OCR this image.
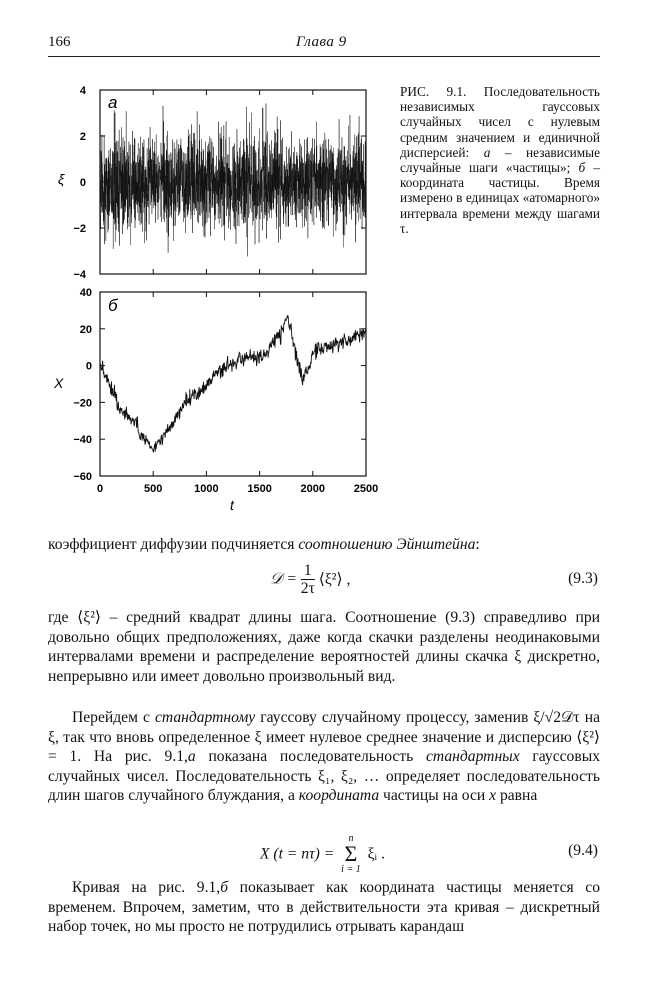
166	Глава 9
а
4
2
0
−2
−4
ξ
б
40
20
0
−20
−40
−60
0	500	1000	1500	2000	2500
X
t
РИС. 9.1. Последовательность независимых гауссовых случайных чисел с нулевым средним значением и единичной дисперсией: а – независимые случайные шаги «частицы»; б – координата частицы. Время измерено в единицах «атомарного» интервала времени между шагами τ.
коэффициент диффузии подчиняется соотношению Эйнштейна:
𝒟 = $\frac{1}{2\tau}$ ⟨ξ²⟩ ,	(9.3)
где ⟨ξ²⟩ – средний квадрат длины шага. Соотношение (9.3) справедливо при довольно общих предположениях, даже когда скачки разделены неодинаковыми интервалами времени и распределение вероятностей длины скачка ξ дискретно, непрерывно или имеет довольно произвольный вид.
Перейдем с стандартному гауссову случайному процессу, заменив ξ/√2𝒟τ на ξ, так что вновь определенное ξ имеет нулевое среднее значение и дисперсию ⟨ξ²⟩ = 1. На рис. 9.1,а показана последовательность стандартных гауссовых случайных чисел. Последовательность ξ₁, ξ₂, … определяет последовательность длин шагов случайного блуждания, а координата частицы на оси x равна
X (t = nτ) =
n
Σ
i = 1
ξᵢ .	(9.4)
Кривая на рис. 9.1,б показывает как координата частицы меняется со временем. Впрочем, заметим, что в действительности эта кривая – дискретный набор точек, но мы просто не потрудились отрывать карандаш
